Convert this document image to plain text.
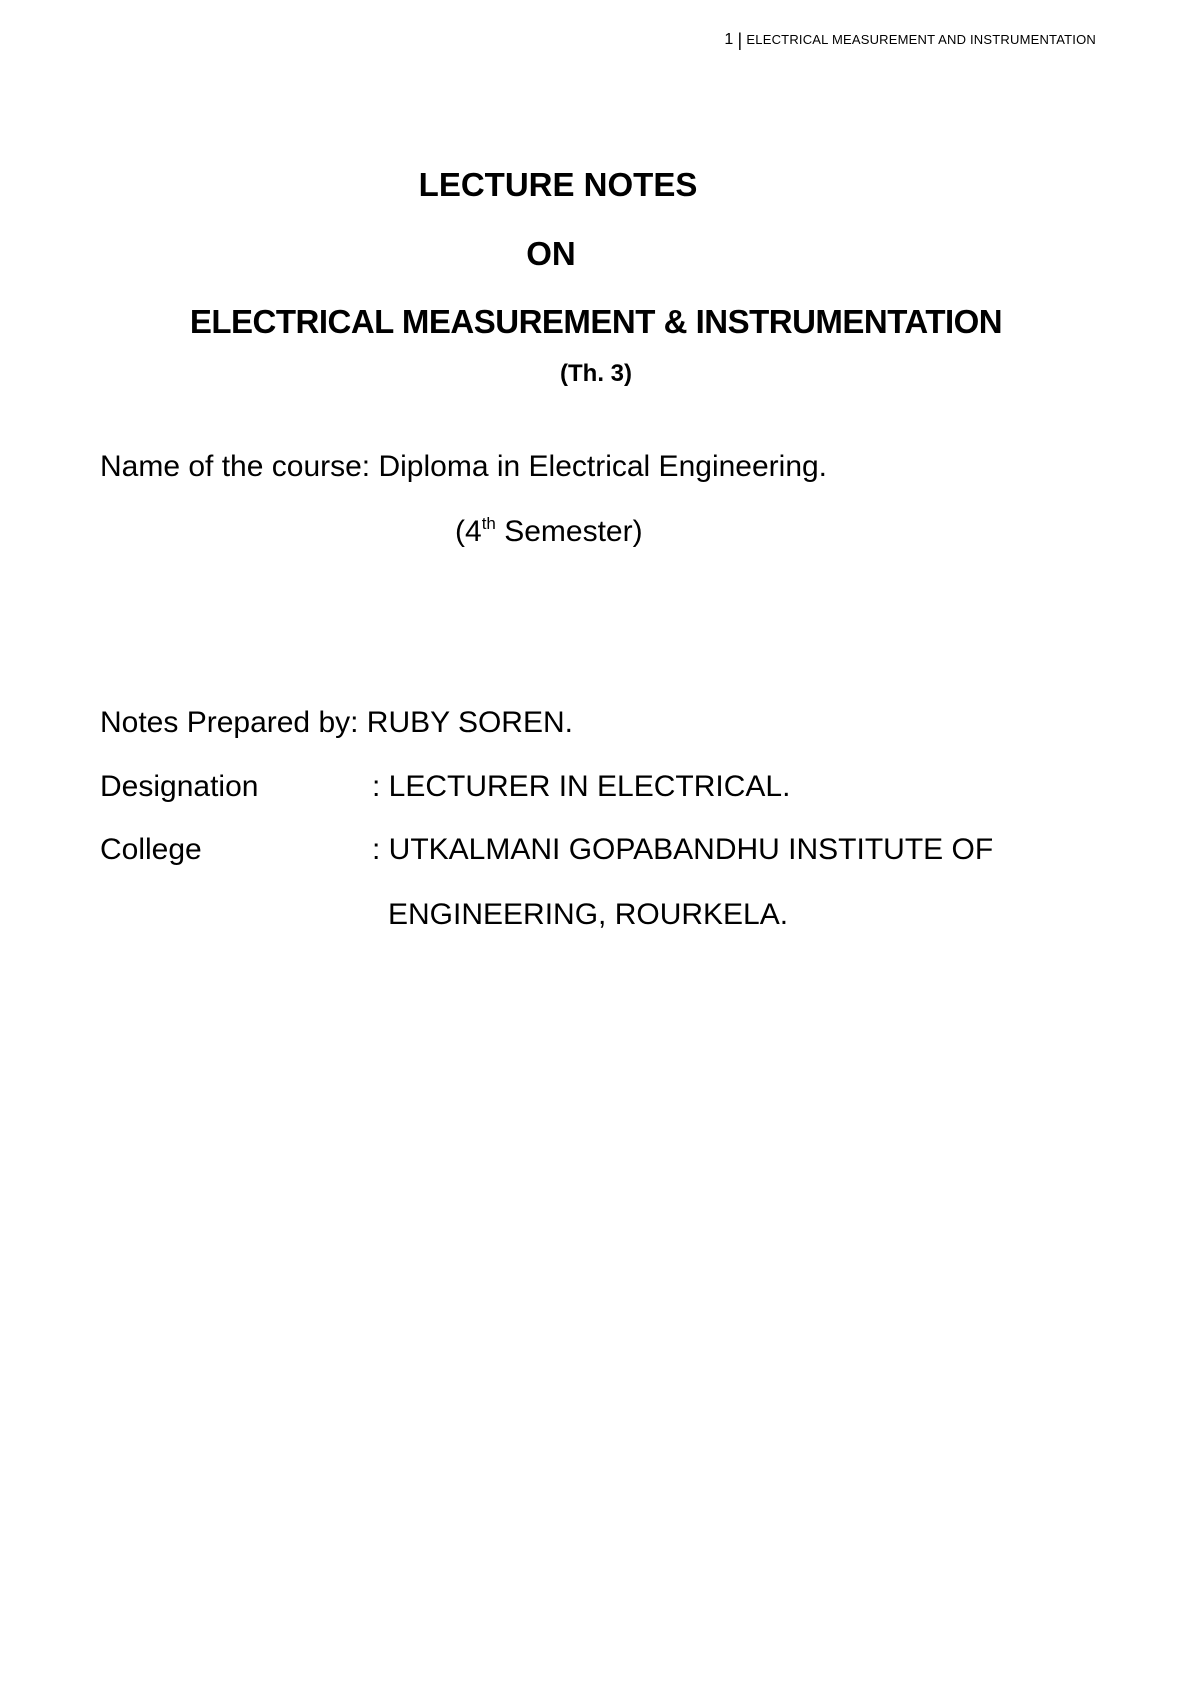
1 | ELECTRICAL MEASUREMENT AND INSTRUMENTATION
LECTURE NOTES
ON
ELECTRICAL MEASUREMENT & INSTRUMENTATION
(Th. 3)
Name of the course: Diploma in Electrical Engineering.
(4th Semester)
Notes Prepared by: RUBY SOREN.
Designation	: LECTURER IN ELECTRICAL.
College	: UTKALMANI GOPABANDHU INSTITUTE OF
ENGINEERING, ROURKELA.
